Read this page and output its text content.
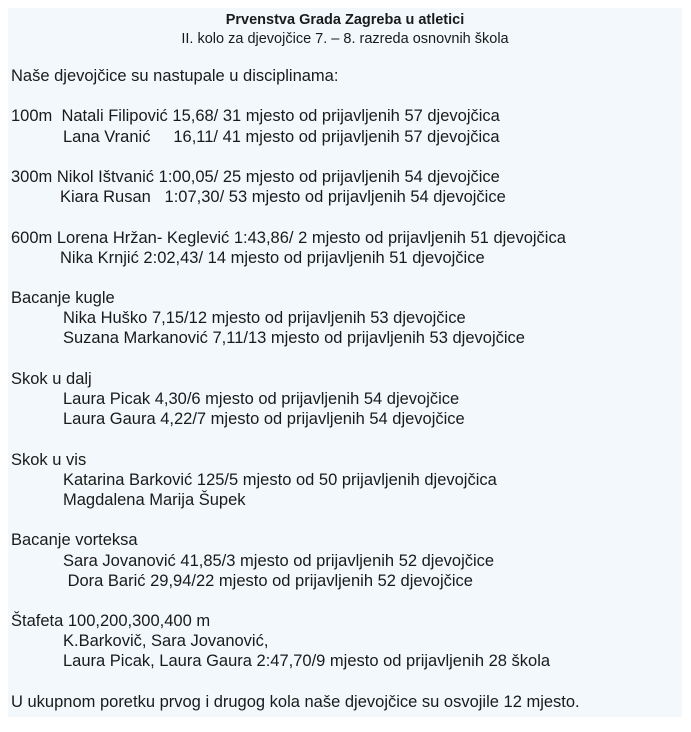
Prvenstva Grada Zagreba u atletici
II. kolo za djevojčice 7. – 8. razreda osnovnih škola
Naše djevojčice su nastupale u disciplinama:
100m  Natali Filipović 15,68/ 31 mjesto od prijavljenih 57 djevojčica
Lana Vranić     16,11/ 41 mjesto od prijavljenih 57 djevojčica
300m Nikol Ištvanić 1:00,05/ 25 mjesto od prijavljenih 54 djevojčice
Kiara Rusan   1:07,30/ 53 mjesto od prijavljenih 54 djevojčice
600m Lorena Hržan- Keglević 1:43,86/ 2 mjesto od prijavljenih 51 djevojčica
Nika Krnjić 2:02,43/ 14 mjesto od prijavljenih 51 djevojčice
Bacanje kugle
Nika Huško 7,15/12 mjesto od prijavljenih 53 djevojčice
Suzana Markanović 7,11/13 mjesto od prijavljenih 53 djevojčice
Skok u dalj
Laura Picak 4,30/6 mjesto od prijavljenih 54 djevojčice
Laura Gaura 4,22/7 mjesto od prijavljenih 54 djevojčice
Skok u vis
Katarina Barković 125/5 mjesto od 50 prijavljenih djevojčica
Magdalena Marija Šupek
Bacanje vorteksa
Sara Jovanović 41,85/3 mjesto od prijavljenih 52 djevojčice
Dora Barić 29,94/22 mjesto od prijavljenih 52 djevojčice
Štafeta 100,200,300,400 m
K.Barkovič, Sara Jovanović,
Laura Picak, Laura Gaura 2:47,70/9 mjesto od prijavljenih 28 škola
U ukupnom poretku prvog i drugog kola naše djevojčice su osvojile 12 mjesto.
